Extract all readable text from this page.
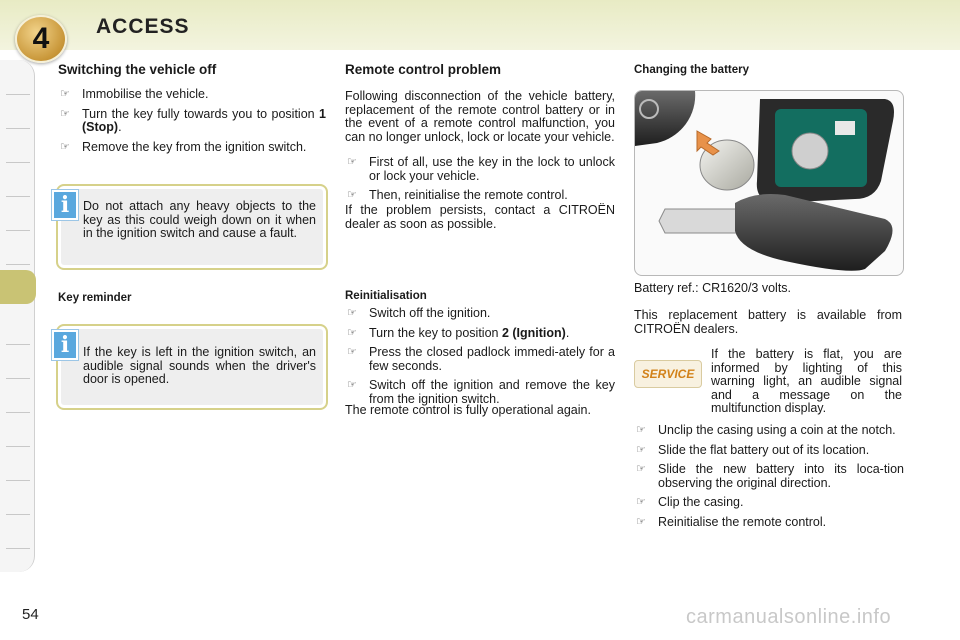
4	ACCESS
Switching the vehicle off
☞ Immobilise the vehicle.
☞ Turn the key fully towards you to position 1 (Stop).
☞ Remove the key from the ignition switch.

Do not attach any heavy objects to the key as this could weigh down on it when in the ignition switch and cause a fault.

i
Key reminder

If the key is left in the ignition switch, an audible signal sounds when the driver's door is opened.

i
Remote control problem

Following disconnection of the vehicle battery, replacement of the remote control battery or in the event of a remote control malfunction, you can no longer unlock, lock or locate your vehicle.

☞ First of all, use the key in the lock to unlock or lock your vehicle.
☞ Then, reinitialise the remote control.

If the problem persists, contact a CITROËN dealer as soon as possible.

Reinitialisation
☞ Switch off the ignition.
☞ Turn the key to position 2 (Ignition).
☞ Press the closed padlock immedi-ately for a few seconds.
☞ Switch off the ignition and remove the key from the ignition switch.

The remote control is fully operational again.

Changing the battery

Battery ref.: CR1620/3 volts.

This replacement battery is available from CITROËN dealers.

SERVICE

If the battery is flat, you are informed by lighting of this warning light, an audible signal and a message on the multifunction display.

☞ Unclip the casing using a coin at the notch.
☞ Slide the flat battery out of its location.
☞ Slide the new battery into its loca-tion observing the original direction.
☞ Clip the casing.
☞ Reinitialise the remote control.
54	carmanualsonline.info
